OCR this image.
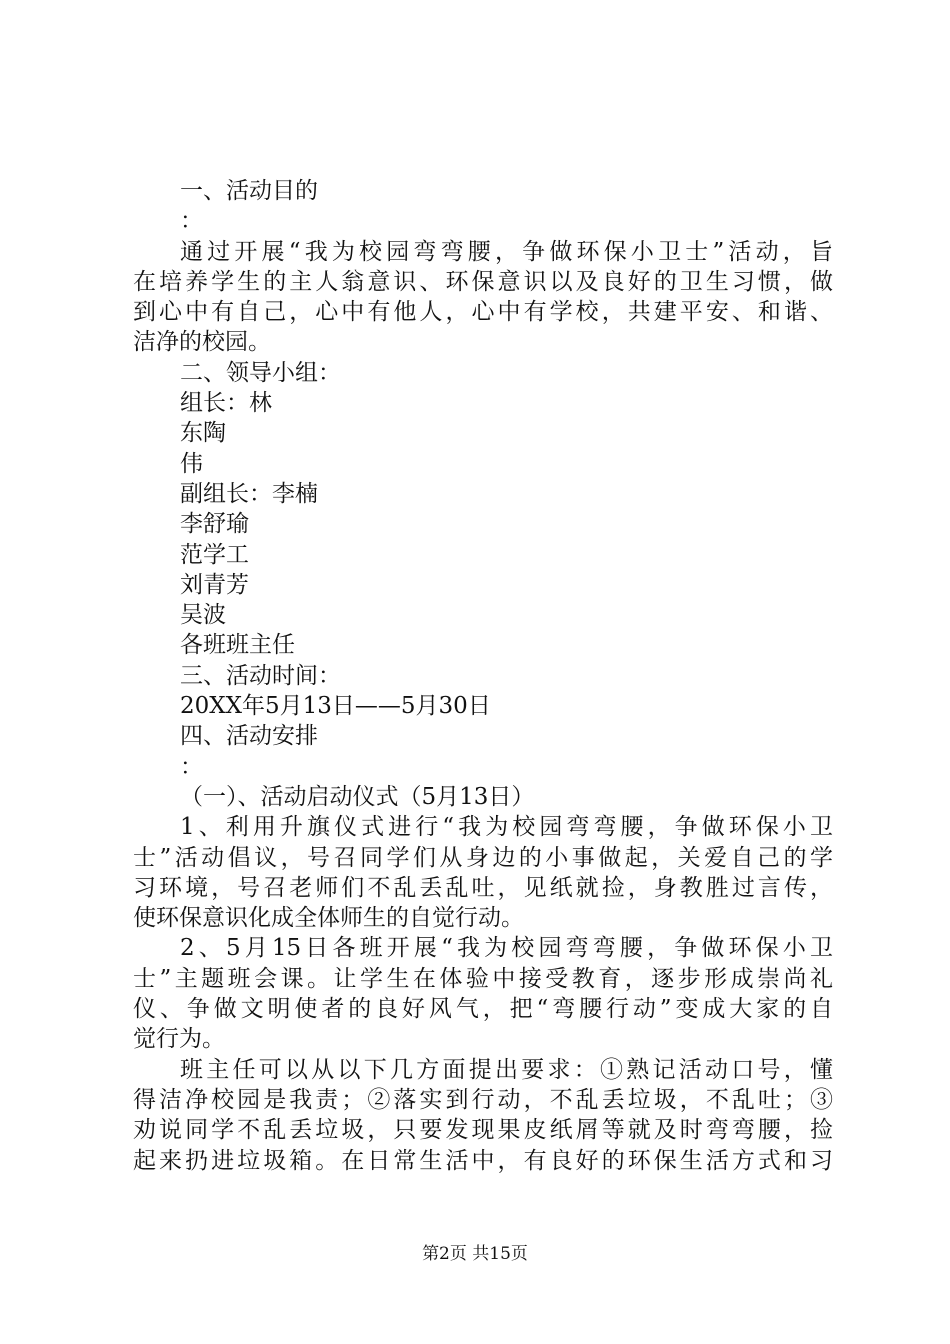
一、活动目的

：

通过开展“我为校园弯弯腰，争做环保小卫士”活动，旨

在培养学生的主人翁意识、环保意识以及良好的卫生习惯，做

到心中有自己，心中有他人，心中有学校，共建平安、和谐、

洁净的校园。

二、领导小组：

组长：林

东陶

伟

副组长：李楠

李舒瑜

范学工

刘青芳

吴波

各班班主任

三、活动时间：

20XX年5月13日——5月30日

四、活动安排

：

（一）、活动启动仪式（5月13日）

1、利用升旗仪式进行“我为校园弯弯腰，争做环保小卫

士”活动倡议，号召同学们从身边的小事做起，关爱自己的学

习环境，号召老师们不乱丢乱吐，见纸就捡，身教胜过言传，

使环保意识化成全体师生的自觉行动。

2、5月15日各班开展“我为校园弯弯腰，争做环保小卫

士”主题班会课。让学生在体验中接受教育，逐步形成崇尚礼

仪、争做文明使者的良好风气，把“弯腰行动”变成大家的自

觉行为。

班主任可以从以下几方面提出要求：①熟记活动口号，懂

得洁净校园是我责；②落实到行动，不乱丢垃圾，不乱吐；③

劝说同学不乱丢垃圾，只要发现果皮纸屑等就及时弯弯腰，捡

起来扔进垃圾箱。在日常生活中，有良好的环保生活方式和习

第2页 共15页
